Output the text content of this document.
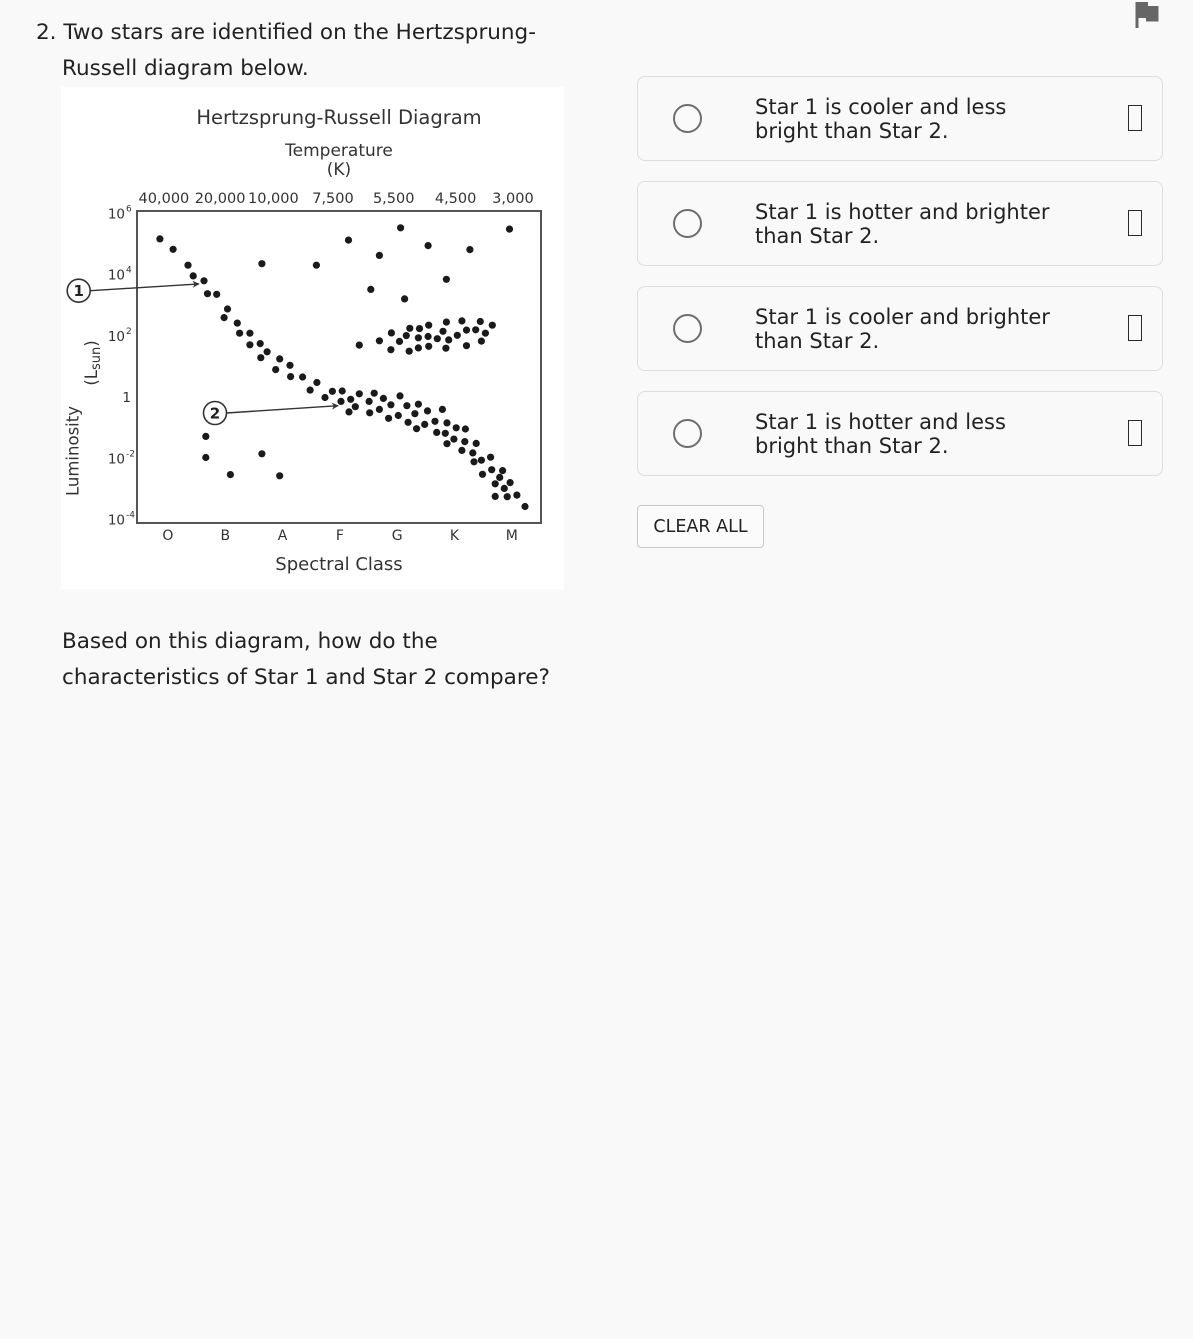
2. Two stars are identified on the Hertzsprung-Russell diagram below.
Hertzsprung-Russell Diagram
Temperature
(K)
40,000 20,000 10,000 7,500 5,500 4,500 3,000
10 6
10 4
10 2
1
10 -2
10 -4
Luminosity
$(L_{sun})$
O	B	A	F	G	K	M
Spectral Class
1
2
Based on this diagram, how do the characteristics of Star 1 and Star 2 compare?
Star 1 is cooler and less bright than Star 2.
Star 1 is hotter and brighter than Star 2.
Star 1 is cooler and brighter than Star 2.
Star 1 is hotter and less bright than Star 2.
CLEAR ALL
